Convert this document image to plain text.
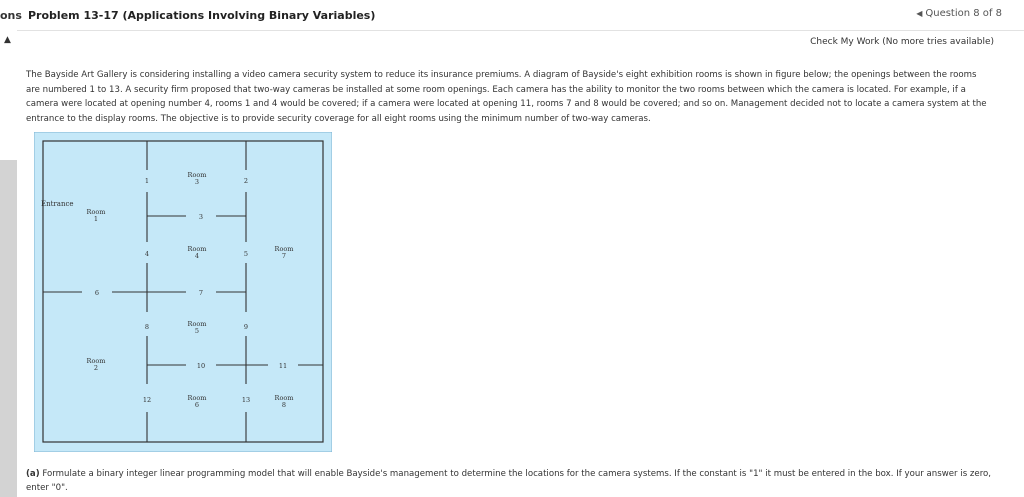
ons Problem 13-17 (Applications Involving Binary Variables)	◀ Question 8 of 8
▲	Check My Work (No more tries available)
The Bayside Art Gallery is considering installing a video camera security system to reduce its insurance premiums. A diagram of Bayside's eight exhibition rooms is shown in figure below; the openings between the rooms are numbered 1 to 13. A security firm proposed that two-way cameras be installed at some room openings. Each camera has the ability to monitor the two rooms between which the camera is located. For example, if a camera were located at opening number 4, rooms 1 and 4 would be covered; if a camera were located at opening 11, rooms 7 and 8 would be covered; and so on. Management decided not to locate a camera system at the entrance to the display rooms. The objective is to provide security coverage for all eight rooms using the minimum number of two-way cameras.
Entrance
Room
3
Room
1
Room
4
Room
7
Room
5
Room
2
Room
6
Room
8
1	2
3
4	5
6	7
8	9
10	11
12	13
(a) Formulate a binary integer linear programming model that will enable Bayside's management to determine the locations for the camera systems. If the constant is "1" it must be entered in the box. If your answer is zero, enter "0".
